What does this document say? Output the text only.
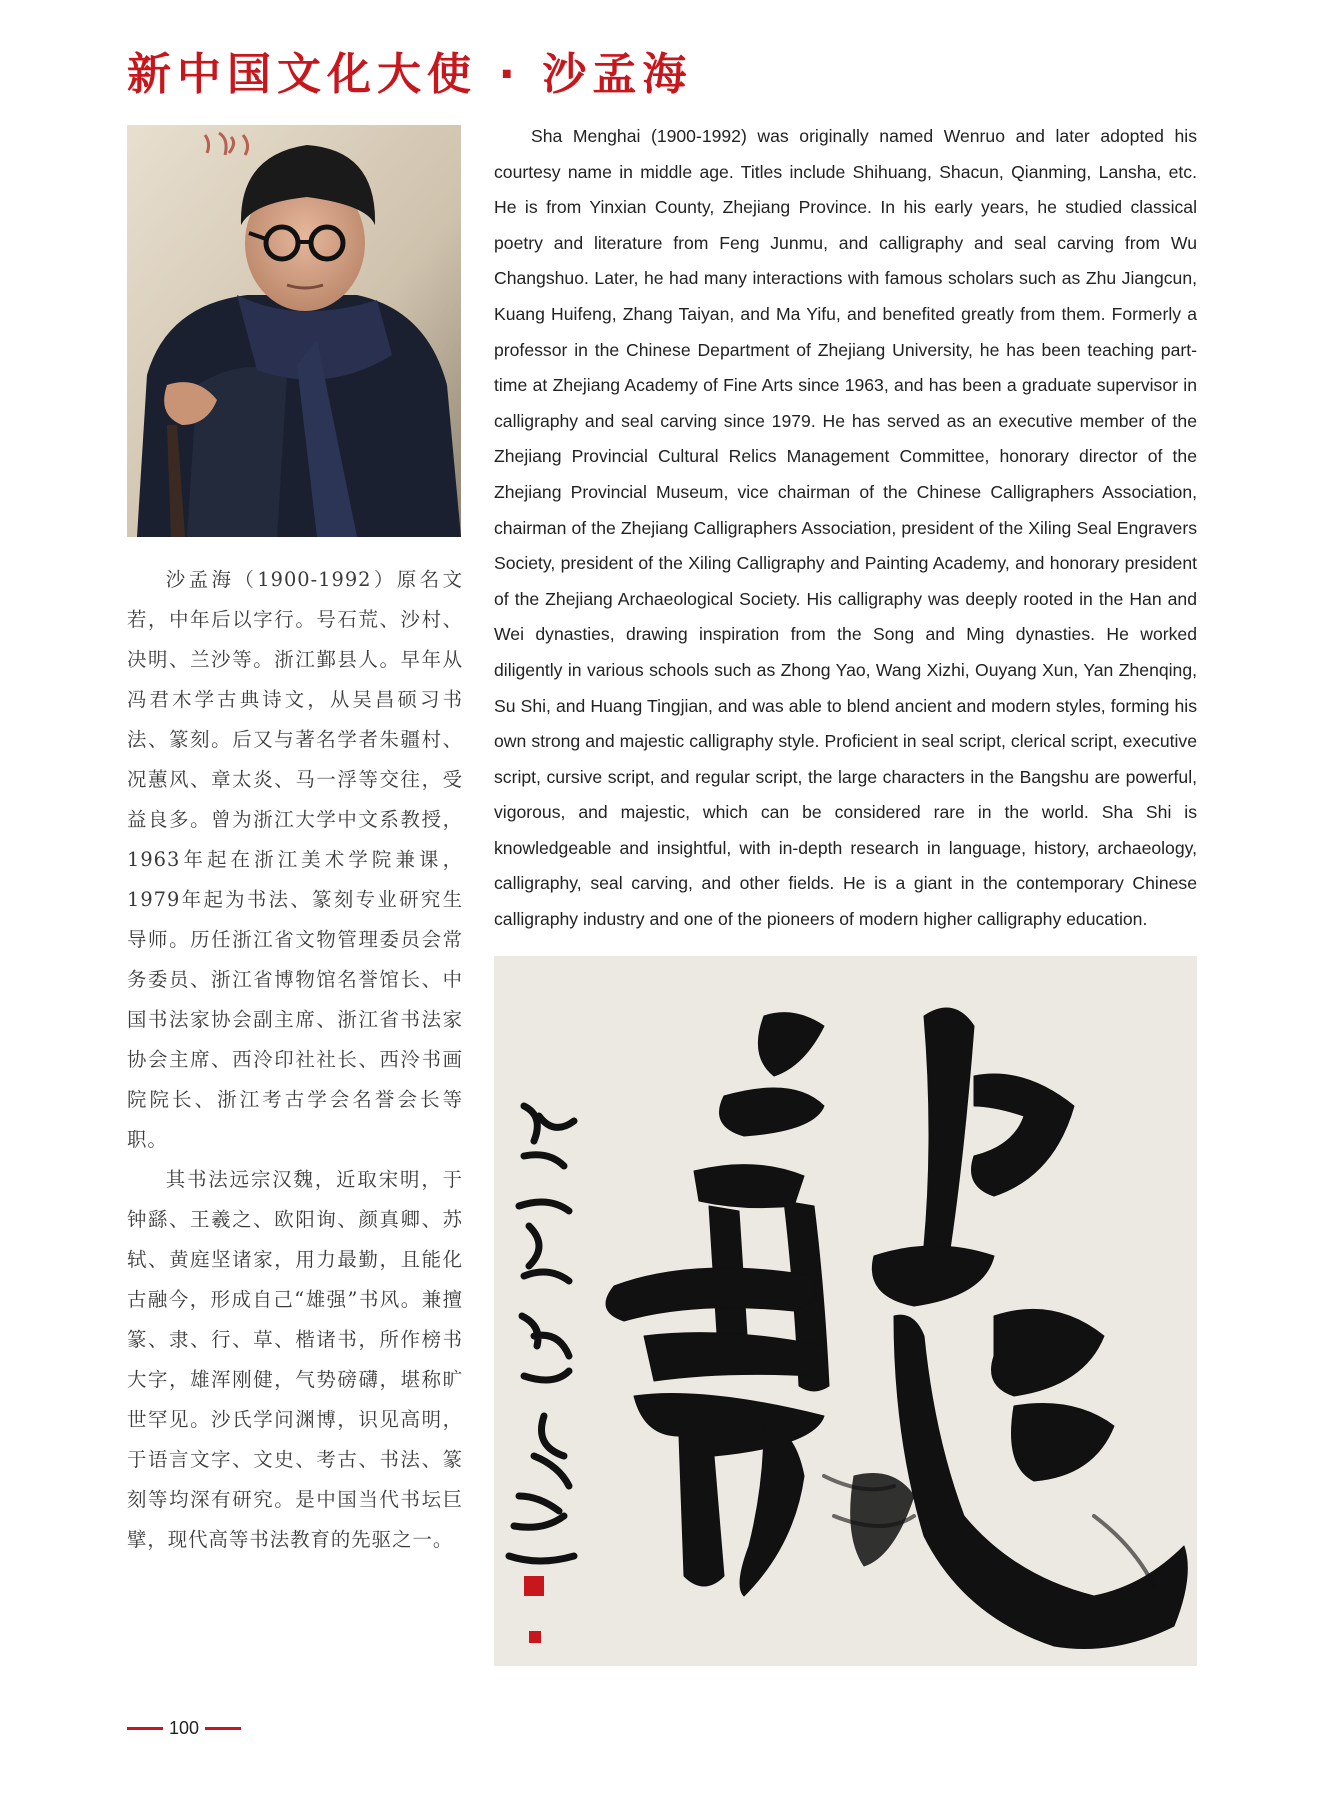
新中国文化大使 · 沙孟海

沙孟海（1900-1992）原名文若，中年后以字行。号石荒、沙村、决明、兰沙等。浙江鄞县人。早年从冯君木学古典诗文，从吴昌硕习书法、篆刻。后又与著名学者朱疆村、况蕙风、章太炎、马一浮等交往，受益良多。曾为浙江大学中文系教授，1963年起在浙江美术学院兼课，1979年起为书法、篆刻专业研究生导师。历任浙江省文物管理委员会常务委员、浙江省博物馆名誉馆长、中国书法家协会副主席、浙江省书法家协会主席、西泠印社社长、西泠书画院院长、浙江考古学会名誉会长等职。

其书法远宗汉魏，近取宋明，于钟繇、王羲之、欧阳询、颜真卿、苏轼、黄庭坚诸家，用力最勤，且能化古融今，形成自己“雄强”书风。兼擅篆、隶、行、草、楷诸书，所作榜书大字，雄浑刚健，气势磅礴，堪称旷世罕见。沙氏学问渊博，识见高明，于语言文字、文史、考古、书法、篆刻等均深有研究。是中国当代书坛巨擘，现代高等书法教育的先驱之一。

Sha Menghai (1900-1992) was originally named Wenruo and later adopted his courtesy name in middle age. Titles include Shihuang, Shacun, Qianming, Lansha, etc. He is from Yinxian County, Zhejiang Province. In his early years, he studied classical poetry and literature from Feng Junmu, and calligraphy and seal carving from Wu Changshuo. Later, he had many interactions with famous scholars such as Zhu Jiangcun, Kuang Huifeng, Zhang Taiyan, and Ma Yifu, and benefited greatly from them. Formerly a professor in the Chinese Department of Zhejiang University, he has been teaching part-time at Zhejiang Academy of Fine Arts since 1963, and has been a graduate supervisor in calligraphy and seal carving since 1979. He has served as an executive member of the Zhejiang Provincial Cultural Relics Management Committee, honorary director of the Zhejiang Provincial Museum, vice chairman of the Chinese Calligraphers Association, chairman of the Zhejiang Calligraphers Association, president of the Xiling Seal Engravers Society, president of the Xiling Calligraphy and Painting Academy, and honorary president of the Zhejiang Archaeological Society. His calligraphy was deeply rooted in the Han and Wei dynasties, drawing inspiration from the Song and Ming dynasties. He worked diligently in various schools such as Zhong Yao, Wang Xizhi, Ouyang Xun, Yan Zhenqing, Su Shi, and Huang Tingjian, and was able to blend ancient and modern styles, forming his own strong and majestic calligraphy style. Proficient in seal script, clerical script, executive script, cursive script, and regular script, the large characters in the Bangshu are powerful, vigorous, and majestic, which can be considered rare in the world. Sha Shi is knowledgeable and insightful, with in-depth research in language, history, archaeology, calligraphy, seal carving, and other fields. He is a giant in the contemporary Chinese calligraphy industry and one of the pioneers of modern higher calligraphy education.

100
